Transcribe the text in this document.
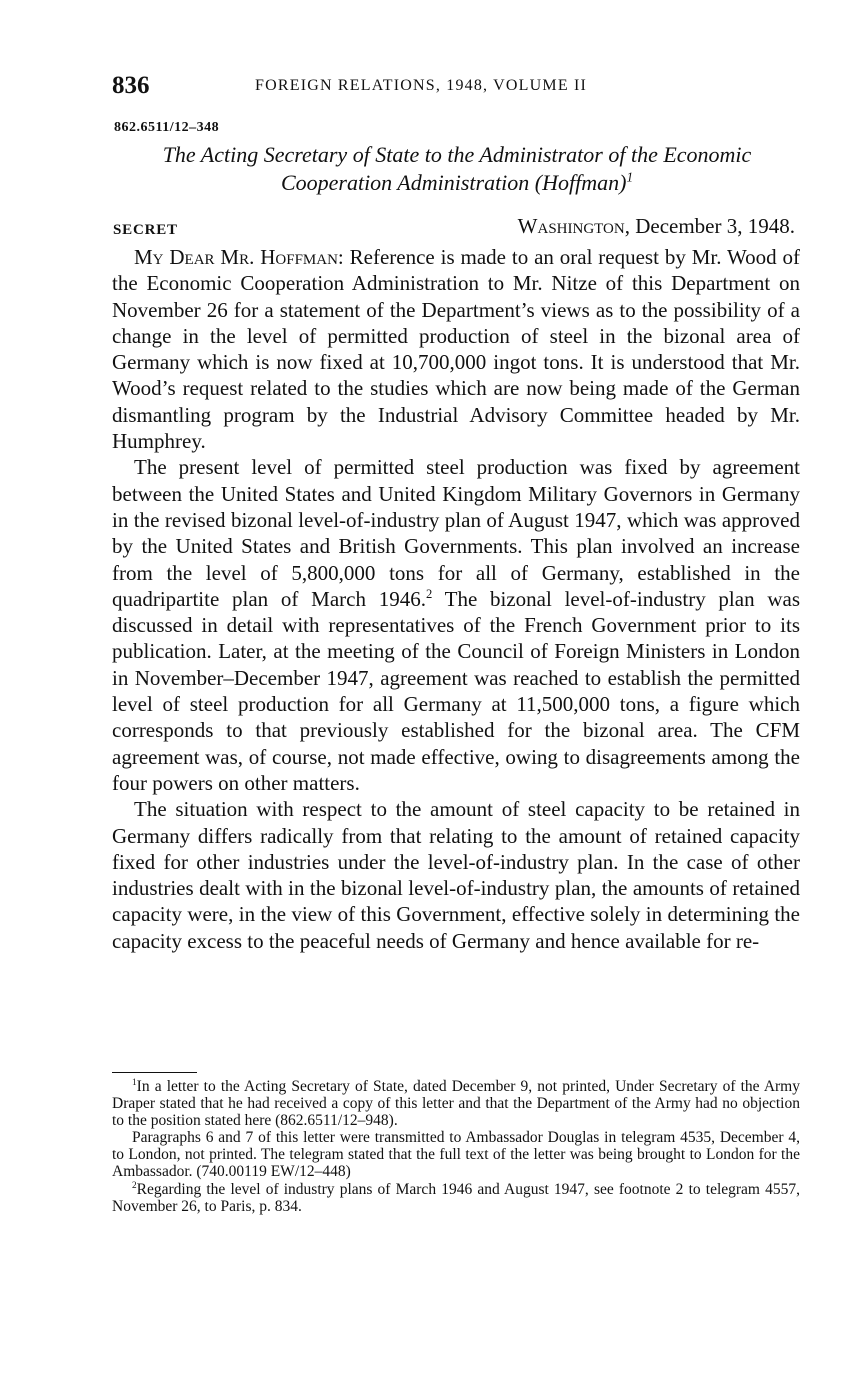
836	FOREIGN RELATIONS, 1948, VOLUME II
862.6511/12–348
The Acting Secretary of State to the Administrator of the Economic
Cooperation Administration (Hoffman)$^1$
SECRET	Washington, December 3, 1948.

My Dear Mr. Hoffman: Reference is made to an oral request by Mr. Wood of the Economic Cooperation Administration to Mr. Nitze of this Department on November 26 for a statement of the Department’s views as to the possibility of a change in the level of permitted production of steel in the bizonal area of Germany which is now fixed at 10,700,000 ingot tons. It is understood that Mr. Wood’s request related to the studies which are now being made of the German dismantling program by the Industrial Advisory Committee headed by Mr. Humphrey.

The present level of permitted steel production was fixed by agreement between the United States and United Kingdom Military Governors in Germany in the revised bizonal level-of-industry plan of August 1947, which was approved by the United States and British Governments. This plan involved an increase from the level of 5,800,000 tons for all of Germany, established in the quadripartite plan of March 1946.$^2$ The bizonal level-of-industry plan was discussed in detail with representatives of the French Government prior to its publication. Later, at the meeting of the Council of Foreign Ministers in London in November–December 1947, agreement was reached to establish the permitted level of steel production for all Germany at 11,500,000 tons, a figure which corresponds to that previously established for the bizonal area. The CFM agreement was, of course, not made effective, owing to disagreements among the four powers on other matters.

The situation with respect to the amount of steel capacity to be retained in Germany differs radically from that relating to the amount of retained capacity fixed for other industries under the level-of-industry plan. In the case of other industries dealt with in the bizonal level-of-industry plan, the amounts of retained capacity were, in the view of this Government, effective solely in determining the capacity excess to the peaceful needs of Germany and hence available for re-

$^1$In a letter to the Acting Secretary of State, dated December 9, not printed, Under Secretary of the Army Draper stated that he had received a copy of this letter and that the Department of the Army had no objection to the position stated here (862.6511/12–948).

Paragraphs 6 and 7 of this letter were transmitted to Ambassador Douglas in telegram 4535, December 4, to London, not printed. The telegram stated that the full text of the letter was being brought to London for the Ambassador. (740.00119 EW/12–448)

$^2$Regarding the level of industry plans of March 1946 and August 1947, see footnote 2 to telegram 4557, November 26, to Paris, p. 834.
